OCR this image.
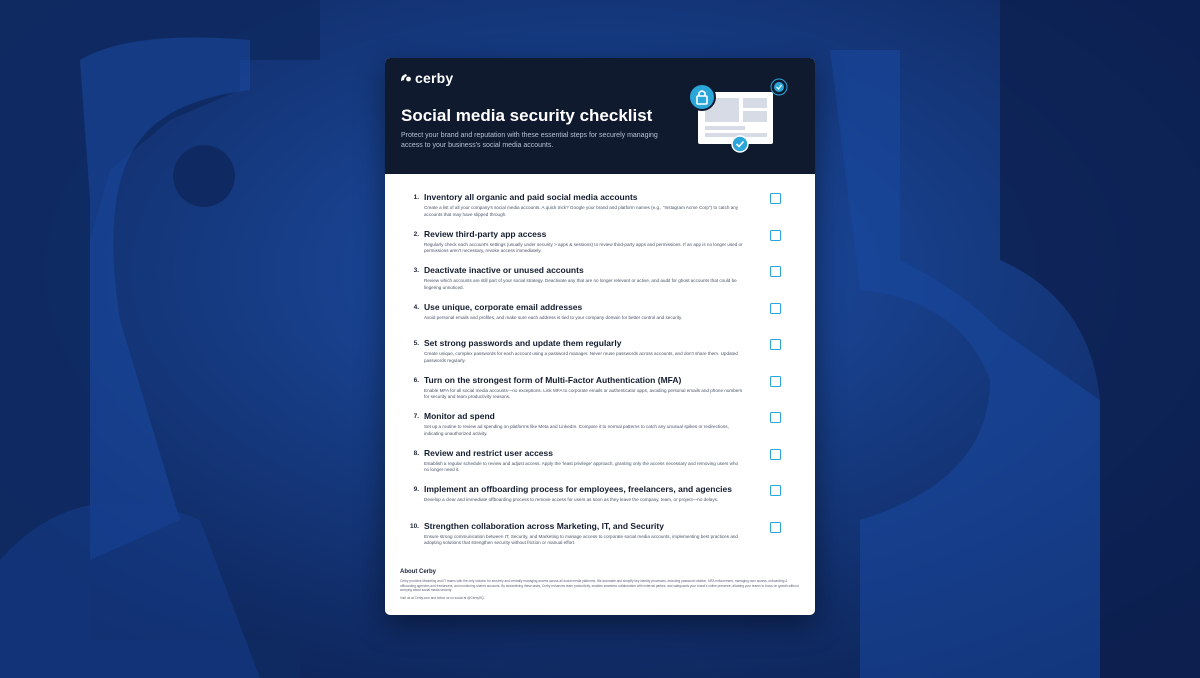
cerby
Social media security checklist

Protect your brand and reputation with these essential steps for securely managing access to your business's social media accounts.

1. Inventory all organic and paid social media accounts
Create a list of all your company's social media accounts. A quick trick? Google your brand and platform names (e.g., "Instagram Acme Corp") to catch any accounts that may have slipped through.
2. Review third-party app access
Regularly check each account's settings (usually under security > apps & sessions) to review third-party apps and permissions. If an app is no longer used or permissions aren't necessary, revoke access immediately.
3. Deactivate inactive or unused accounts
Review which accounts are still part of your social strategy. Deactivate any that are no longer relevant or active, and audit for ghost accounts that could be lingering unnoticed.
4. Use unique, corporate email addresses
Avoid personal emails and profiles, and make sure each address is tied to your company domain for better control and security.
5. Set strong passwords and update them regularly
Create unique, complex passwords for each account using a password manager. Never reuse passwords across accounts, and don't share them. Updated passwords regularly.
6. Turn on the strongest form of Multi-Factor Authentication (MFA)
Enable MFA for all social media accounts—no exceptions. Link MFA to corporate emails or authenticator apps, avoiding personal emails and phone numbers for security and team productivity reasons.
7. Monitor ad spend
Set up a routine to review ad spending on platforms like Meta and LinkedIn. Compare it to normal patterns to catch any unusual spikes or redirections, indicating unauthorized activity.
8. Review and restrict user access
Establish a regular schedule to review and adjust access. Apply the 'least privilege' approach, granting only the access necessary and removing users who no longer need it.
9. Implement an offboarding process for employees, freelancers, and agencies
Develop a clear and immediate offboarding process to remove access for users as soon as they leave the company, team, or project—no delays.
10. Strengthen collaboration across Marketing, IT, and Security
Ensure strong communication between IT, Security, and Marketing to manage access to corporate social media accounts, implementing best practices and adopting solutions that strengthen security without friction or manual effort.

About Cerby

Cerby provides Marketing and IT teams with the only solution for securely and centrally managing access across all social media platforms. We automate and simplify key identity processes, including password rotation, MFA enforcement, managing user access, onboarding & offboarding agencies and freelancers, and monitoring shared accounts. By streamlining these tasks, Cerby enhances team productivity, enables seamless collaboration with external parties, and safeguards your brand's online presence, allowing your teams to focus on growth without worrying about social media security.

Visit us at Cerby.com and follow us on social at @CerbyHQ.
